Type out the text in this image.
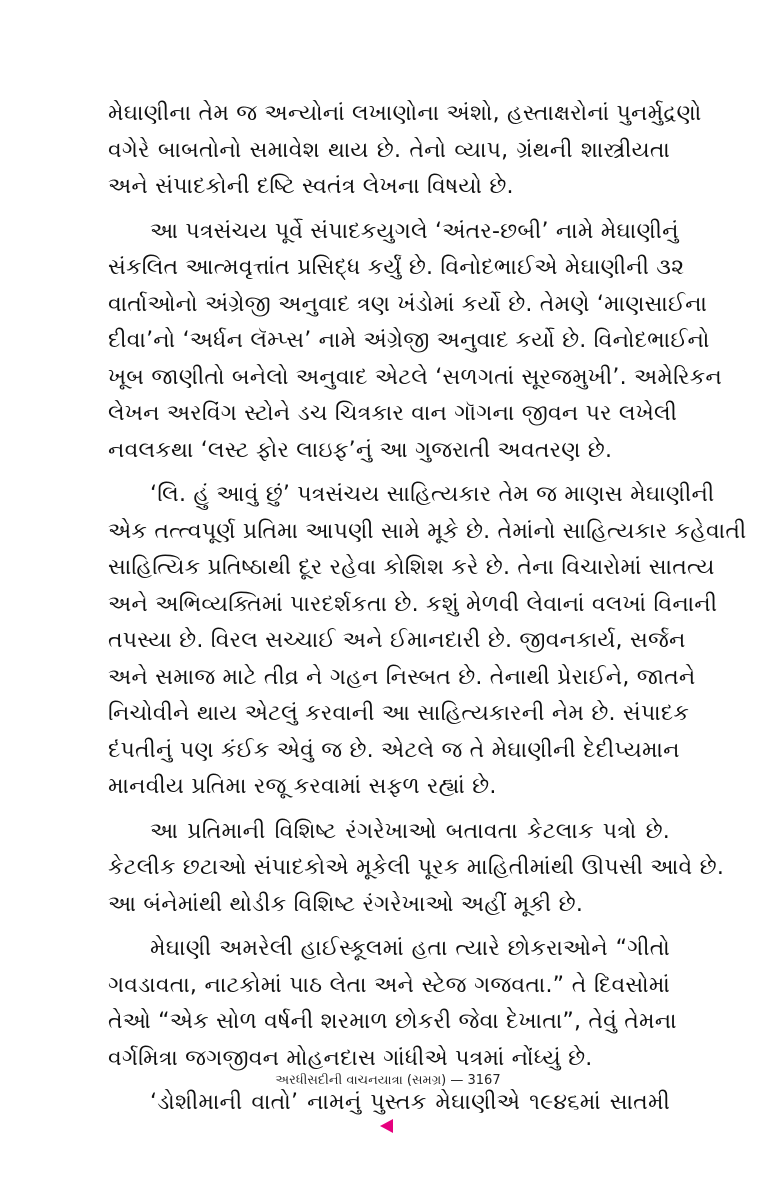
મેઘાણીના તેમ જ અન્યોનાં લખાણોના અંશો, હસ્તાક્ષરોનાં પુનર્મુદ્રણો
વગેરે બાબતોનો સમાવેશ થાય છે. તેનો વ્યાપ, ગ્રંથની શાસ્ત્રીયતા
અને સંપાદકોની દષ્ટિ સ્વતંત્ર લેખના વિષયો છે.

આ પત્રસંચય પૂર્વે સંપાદકયુગલે ‘અંતર-છબી’ નામે મેઘાણીનું
સંકલિત આત્મવૃત્તાંત પ્રસિદ્ધ કર્યું છે. વિનોદભાઈએ મેઘાણીની ૩૨
વાર્તાઓનો અંગ્રેજી અનુવાદ ત્રણ ખંડોમાં કર્યો છે. તેમણે ‘માણસાઈના
દીવા’નો ‘અર્ધન લૅમ્પ્સ’ નામે અંગ્રેજી અનુવાદ કર્યો છે. વિનોદભાઈનો
ખૂબ જાણીતો બનેલો અનુવાદ એટલે ‘સળગતાં સૂરજમુખી’. અમેરિકન
લેખન અરવિંગ સ્ટોને ડચ ચિત્રકાર વાન ગૉગના જીવન પર લખેલી
નવલકથા ‘લસ્ટ ફોર લાઇફ’નું આ ગુજરાતી અવતરણ છે.

‘લિ. હું આવું છું’ પત્રસંચય સાહિત્યકાર તેમ જ માણસ મેઘાણીની
એક તત્ત્વપૂર્ણ પ્રતિમા આપણી સામે મૂકે છે. તેમાંનો સાહિત્યકાર કહેવાતી
સાહિત્યિક પ્રતિષ્ઠાથી દૂર રહેવા કોશિશ કરે છે. તેના વિચારોમાં સાતત્ય
અને અભિવ્યક્તિમાં પારદર્શકતા છે. કશું મેળવી લેવાનાં વલખાં વિનાની
તપસ્યા છે. વિરલ સચ્ચાઈ અને ઈમાનદારી છે. જીવનકાર્ય, સર્જન
અને સમાજ માટે તીવ્ર ને ગહન નિસ્બત છે. તેનાથી પ્રેરાઈને, જાતને
નિચોવીને થાય એટલું કરવાની આ સાહિત્યકારની નેમ છે. સંપાદક
દંપતીનું પણ કંઈક એવું જ છે. એટલે જ તે મેઘાણીની દેદીપ્યમાન
માનવીય પ્રતિમા રજૂ કરવામાં સફળ રહ્યાં છે.

આ પ્રતિમાની વિશિષ્ટ રંગરેખાઓ બતાવતા કેટલાક પત્રો છે.
કેટલીક છટાઓ સંપાદકોએ મૂકેલી પૂરક માહિતીમાંથી ઊપસી આવે છે.
આ બંનેમાંથી થોડીક વિશિષ્ટ રંગરેખાઓ અહીં મૂકી છે.

મેઘાણી અમરેલી હાઈસ્કૂલમાં હતા ત્યારે છોકરાઓને “ગીતો
ગવડાવતા, નાટકોમાં પાઠ લેતા અને સ્ટેજ ગજવતા.” તે દિવસોમાં
તેઓ “એક સોળ વર્ષની શરમાળ છોકરી જેવા દેખાતા”, તેવું તેમના
વર્ગમિત્રા જગજીવન મોહનદાસ ગાંધીએ પત્રમાં નોંધ્યું છે.

‘ડોશીમાની વાતો’ નામનું પુસ્તક મેઘાણીએ ૧૯૪૬માં સાતમી

અરધીસદીની વાચનયાત્રા (સમગ્ર) — 3167
